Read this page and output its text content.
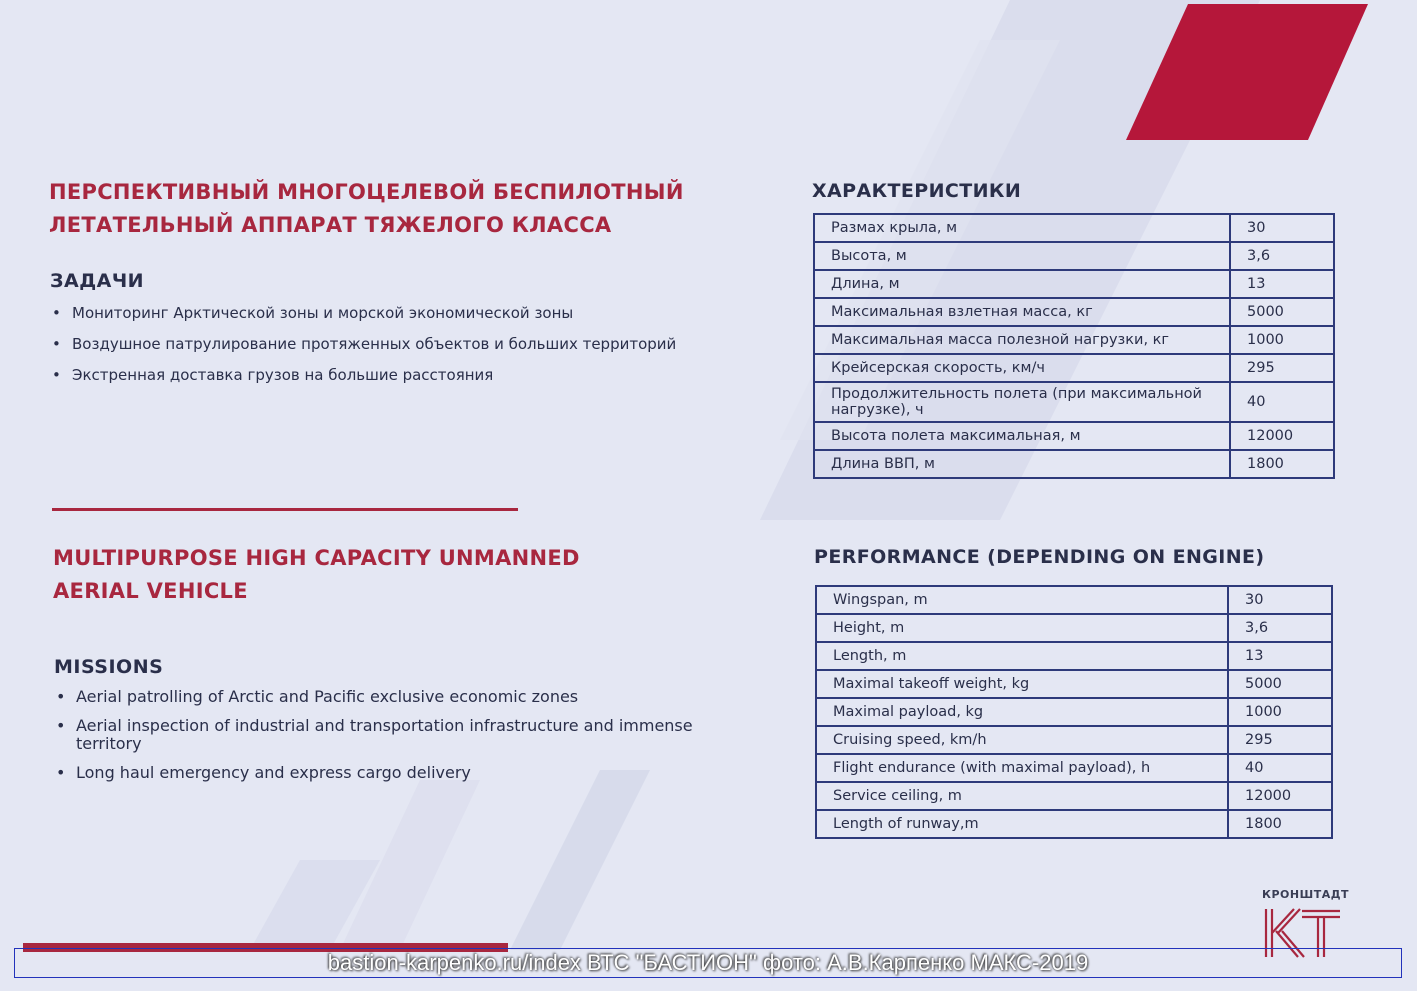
ПЕРСПЕКТИВНЫЙ МНОГОЦЕЛЕВОЙ БЕСПИЛОТНЫЙ
ЛЕТАТЕЛЬНЫЙ АППАРАТ ТЯЖЕЛОГО КЛАССА
ЗАДАЧИ
• Мониторинг Арктической зоны и морской экономической зоны
• Воздушное патрулирование протяженных объектов и больших территорий
• Экстренная доставка грузов на большие расстояния
MULTIPURPOSE HIGH CAPACITY UNMANNED
AERIAL VEHICLE
MISSIONS
• Aerial patrolling of Arctic and Pacific exclusive economic zones
• Aerial inspection of industrial and transportation infrastructure and immense territory
• Long haul emergency and express cargo delivery
ХАРАКТЕРИСТИКИ
Размах крыла, м	30
Высота, м	3,6
Длина, м	13
Максимальная взлетная масса, кг	5000
Максимальная масса полезной нагрузки, кг	1000
Крейсерская скорость, км/ч	295
Продолжительность полета (при максимальной нагрузке), ч	40
Высота полета максимальная, м	12000
Длина ВВП, м	1800
PERFORMANCE (DEPENDING ON ENGINE)
Wingspan, m	30
Height, m	3,6
Length, m	13
Maximal takeoff weight, kg	5000
Maximal payload, kg	1000
Cruising speed, km/h	295
Flight endurance (with maximal payload), h	40
Service ceiling, m	12000
Length of runway,m	1800
КРОНШТАДТ
bastion-karpenko.ru/index ВТС "БАСТИОН" фото: А.В.Карпенко МАКС-2019
